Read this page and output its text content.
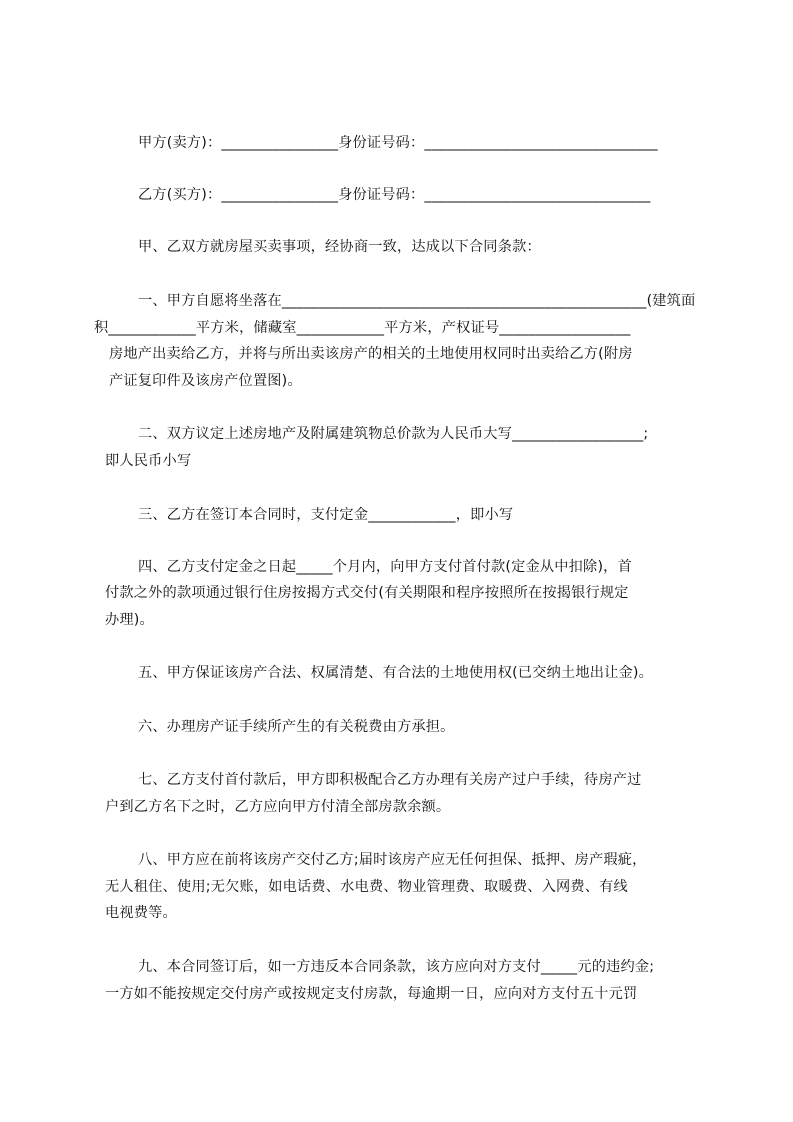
甲方(卖方)：________________身份证号码：________________________________
乙方(买方)：________________身份证号码：_______________________________
甲、乙双方就房屋买卖事项，经协商一致，达成以下合同条款：
一、甲方自愿将坐落在__________________________________________________(建筑面
积____________平方米，储藏室____________平方米，产权证号__________________
房地产出卖给乙方，并将与所出卖该房产的相关的土地使用权同时出卖给乙方(附房
产证复印件及该房产位置图)。
二、双方议定上述房地产及附属建筑物总价款为人民币大写__________________;
即人民币小写
三、乙方在签订本合同时，支付定金____________，即小写
四、乙方支付定金之日起_____个月内，向甲方支付首付款(定金从中扣除)，首
付款之外的款项通过银行住房按揭方式交付(有关期限和程序按照所在按揭银行规定
办理)。
五、甲方保证该房产合法、权属清楚、有合法的土地使用权(已交纳土地出让金)。
六、办理房产证手续所产生的有关税费由方承担。
七、乙方支付首付款后，甲方即积极配合乙方办理有关房产过户手续，待房产过
户到乙方名下之时，乙方应向甲方付清全部房款余额。
八、甲方应在前将该房产交付乙方;届时该房产应无任何担保、抵押、房产瑕疵，
无人租住、使用;无欠账，如电话费、水电费、物业管理费、取暖费、入网费、有线
电视费等。
九、本合同签订后，如一方违反本合同条款，该方应向对方支付_____元的违约金;
一方如不能按规定交付房产或按规定支付房款，每逾期一日，应向对方支付五十元罚
